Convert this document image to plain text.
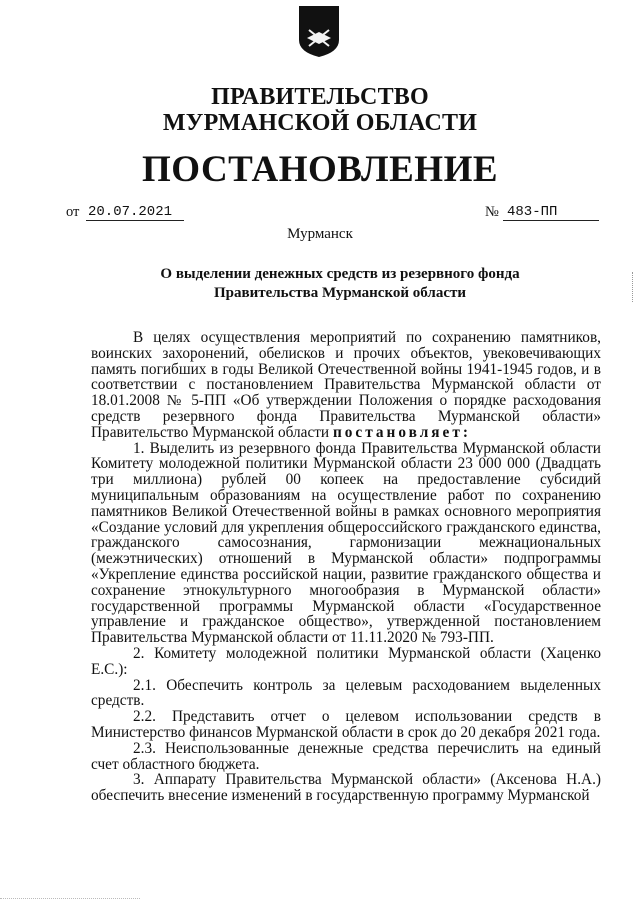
ПРАВИТЕЛЬСТВО
МУРМАНСКОЙ ОБЛАСТИ
ПОСТАНОВЛЕНИЕ
от 20.07.2021	№ 483-ПП
Мурманск
О выделении денежных средств из резервного фонда
Правительства Мурманской области

В целях осуществления мероприятий по сохранению памятников, воинских захоронений, обелисков и прочих объектов, увековечивающих память погибших в годы Великой Отечественной войны 1941-1945 годов, и в соответствии с постановлением Правительства Мурманской области от 18.01.2008 № 5-ПП «Об утверждении Положения о порядке расходования средств резервного фонда Правительства Мурманской области» Правительство Мурманской области постановляет:

1. Выделить из резервного фонда Правительства Мурманской области Комитету молодежной политики Мурманской области 23 000 000 (Двадцать три миллиона) рублей 00 копеек на предоставление субсидий муниципальным образованиям на осуществление работ по сохранению памятников Великой Отечественной войны в рамках основного мероприятия «Создание условий для укрепления общероссийского гражданского единства, гражданского самосознания, гармонизации межнациональных (межэтнических) отношений в Мурманской области» подпрограммы «Укрепление единства российской нации, развитие гражданского общества и сохранение этнокультурного многообразия в Мурманской области» государственной программы Мурманской области «Государственное управление и гражданское общество», утвержденной постановлением Правительства Мурманской области от 11.11.2020 № 793-ПП.

2. Комитету молодежной политики Мурманской области (Хаценко Е.С.):

2.1. Обеспечить контроль за целевым расходованием выделенных средств.

2.2. Представить отчет о целевом использовании средств в Министерство финансов Мурманской области в срок до 20 декабря 2021 года.

2.3. Неиспользованные денежные средства перечислить на единый счет областного бюджета.

3. Аппарату Правительства Мурманской области» (Аксенова Н.А.) обеспечить внесение изменений в государственную программу Мурманской
